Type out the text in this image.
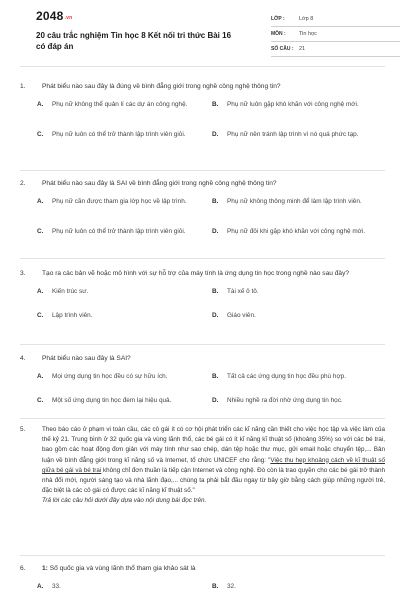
2048.vn
20 câu trắc nghiệm Tin học 8 Kết nối tri thức Bài 16 có đáp án
LỚP :	Lớp 8
MÔN :	Tin học
SỐ CÂU :	21
1.	Phát biểu nào sau đây là đúng về bình đẳng giới trong nghề công nghệ thông tin?
A.	Phụ nữ không thể quản lí các dự án công nghệ.	B.	Phụ nữ luôn gặp khó khăn với công nghệ mới.
C.	Phụ nữ luôn có thể trở thành lập trình viên giỏi.	D.	Phụ nữ nên tránh lập trình vì nó quá phức tạp.
2.	Phát biểu nào sau đây là SAI về bình đẳng giới trong nghề công nghệ thông tin?
A.	Phụ nữ cần được tham gia lớp học về lập trình.	B.	Phụ nữ không thông minh để làm lập trình viên.
C.	Phụ nữ luôn có thể trở thành lập trình viên giỏi.	D.	Phụ nữ đôi khi gặp khó khăn với công nghệ mới.
3.	Tạo ra các bản vẽ hoặc mô hình với sự hỗ trợ của máy tính là ứng dụng tin học trong nghề nào sau đây?
A.	Kiến trúc sư.	B.	Tài xế ô tô.
C.	Lập trình viên.	D.	Giáo viên.
4.	Phát biểu nào sau đây là SAI?
A.	Mọi ứng dụng tin học đều có sự hữu ích.	B.	Tất cả các ứng dụng tin học đều phù hợp.
C.	Một số ứng dụng tin học đem lại hiệu quả.	D.	Nhiều nghề ra đời nhờ ứng dụng tin học.
5.	Theo báo cáo ở phạm vi toàn cầu, các cô gái ít có cơ hội phát triển các kĩ năng cần thiết cho việc học tập và việc làm của thế kỷ 21. Trung bình ở 32 quốc gia và vùng lãnh thổ, các bé gái có ít kĩ năng kĩ thuật số (khoảng 35%) so với các bé trai, bao gồm các hoạt động đơn giản với máy tính như sao chép, dán tệp hoặc thư mục, gửi email hoặc chuyển tệp,... Bản luận về bình đẳng giới trong kĩ năng số và Internet, tổ chức UNICEF cho rằng: "Việc thu hẹp khoảng cách về kĩ thuật số giữa bé gái và bé trai không chỉ đơn thuần là tiếp cận Internet và công nghệ. Đó còn là trao quyền cho các bé gái trở thành nhà đổi mới, người sáng tạo và nhà lãnh đạo,... chúng ta phải bắt đầu ngay từ bây giờ bằng cách giúp những người trẻ, đặc biệt là các cô gái có được các kĩ năng kĩ thuật số."
Trả lời các câu hỏi dưới đây dựa vào nội dung bài đọc trên.
6.	1: Số quốc gia và vùng lãnh thổ tham gia khảo sát là
A.	33.	B.	32.
